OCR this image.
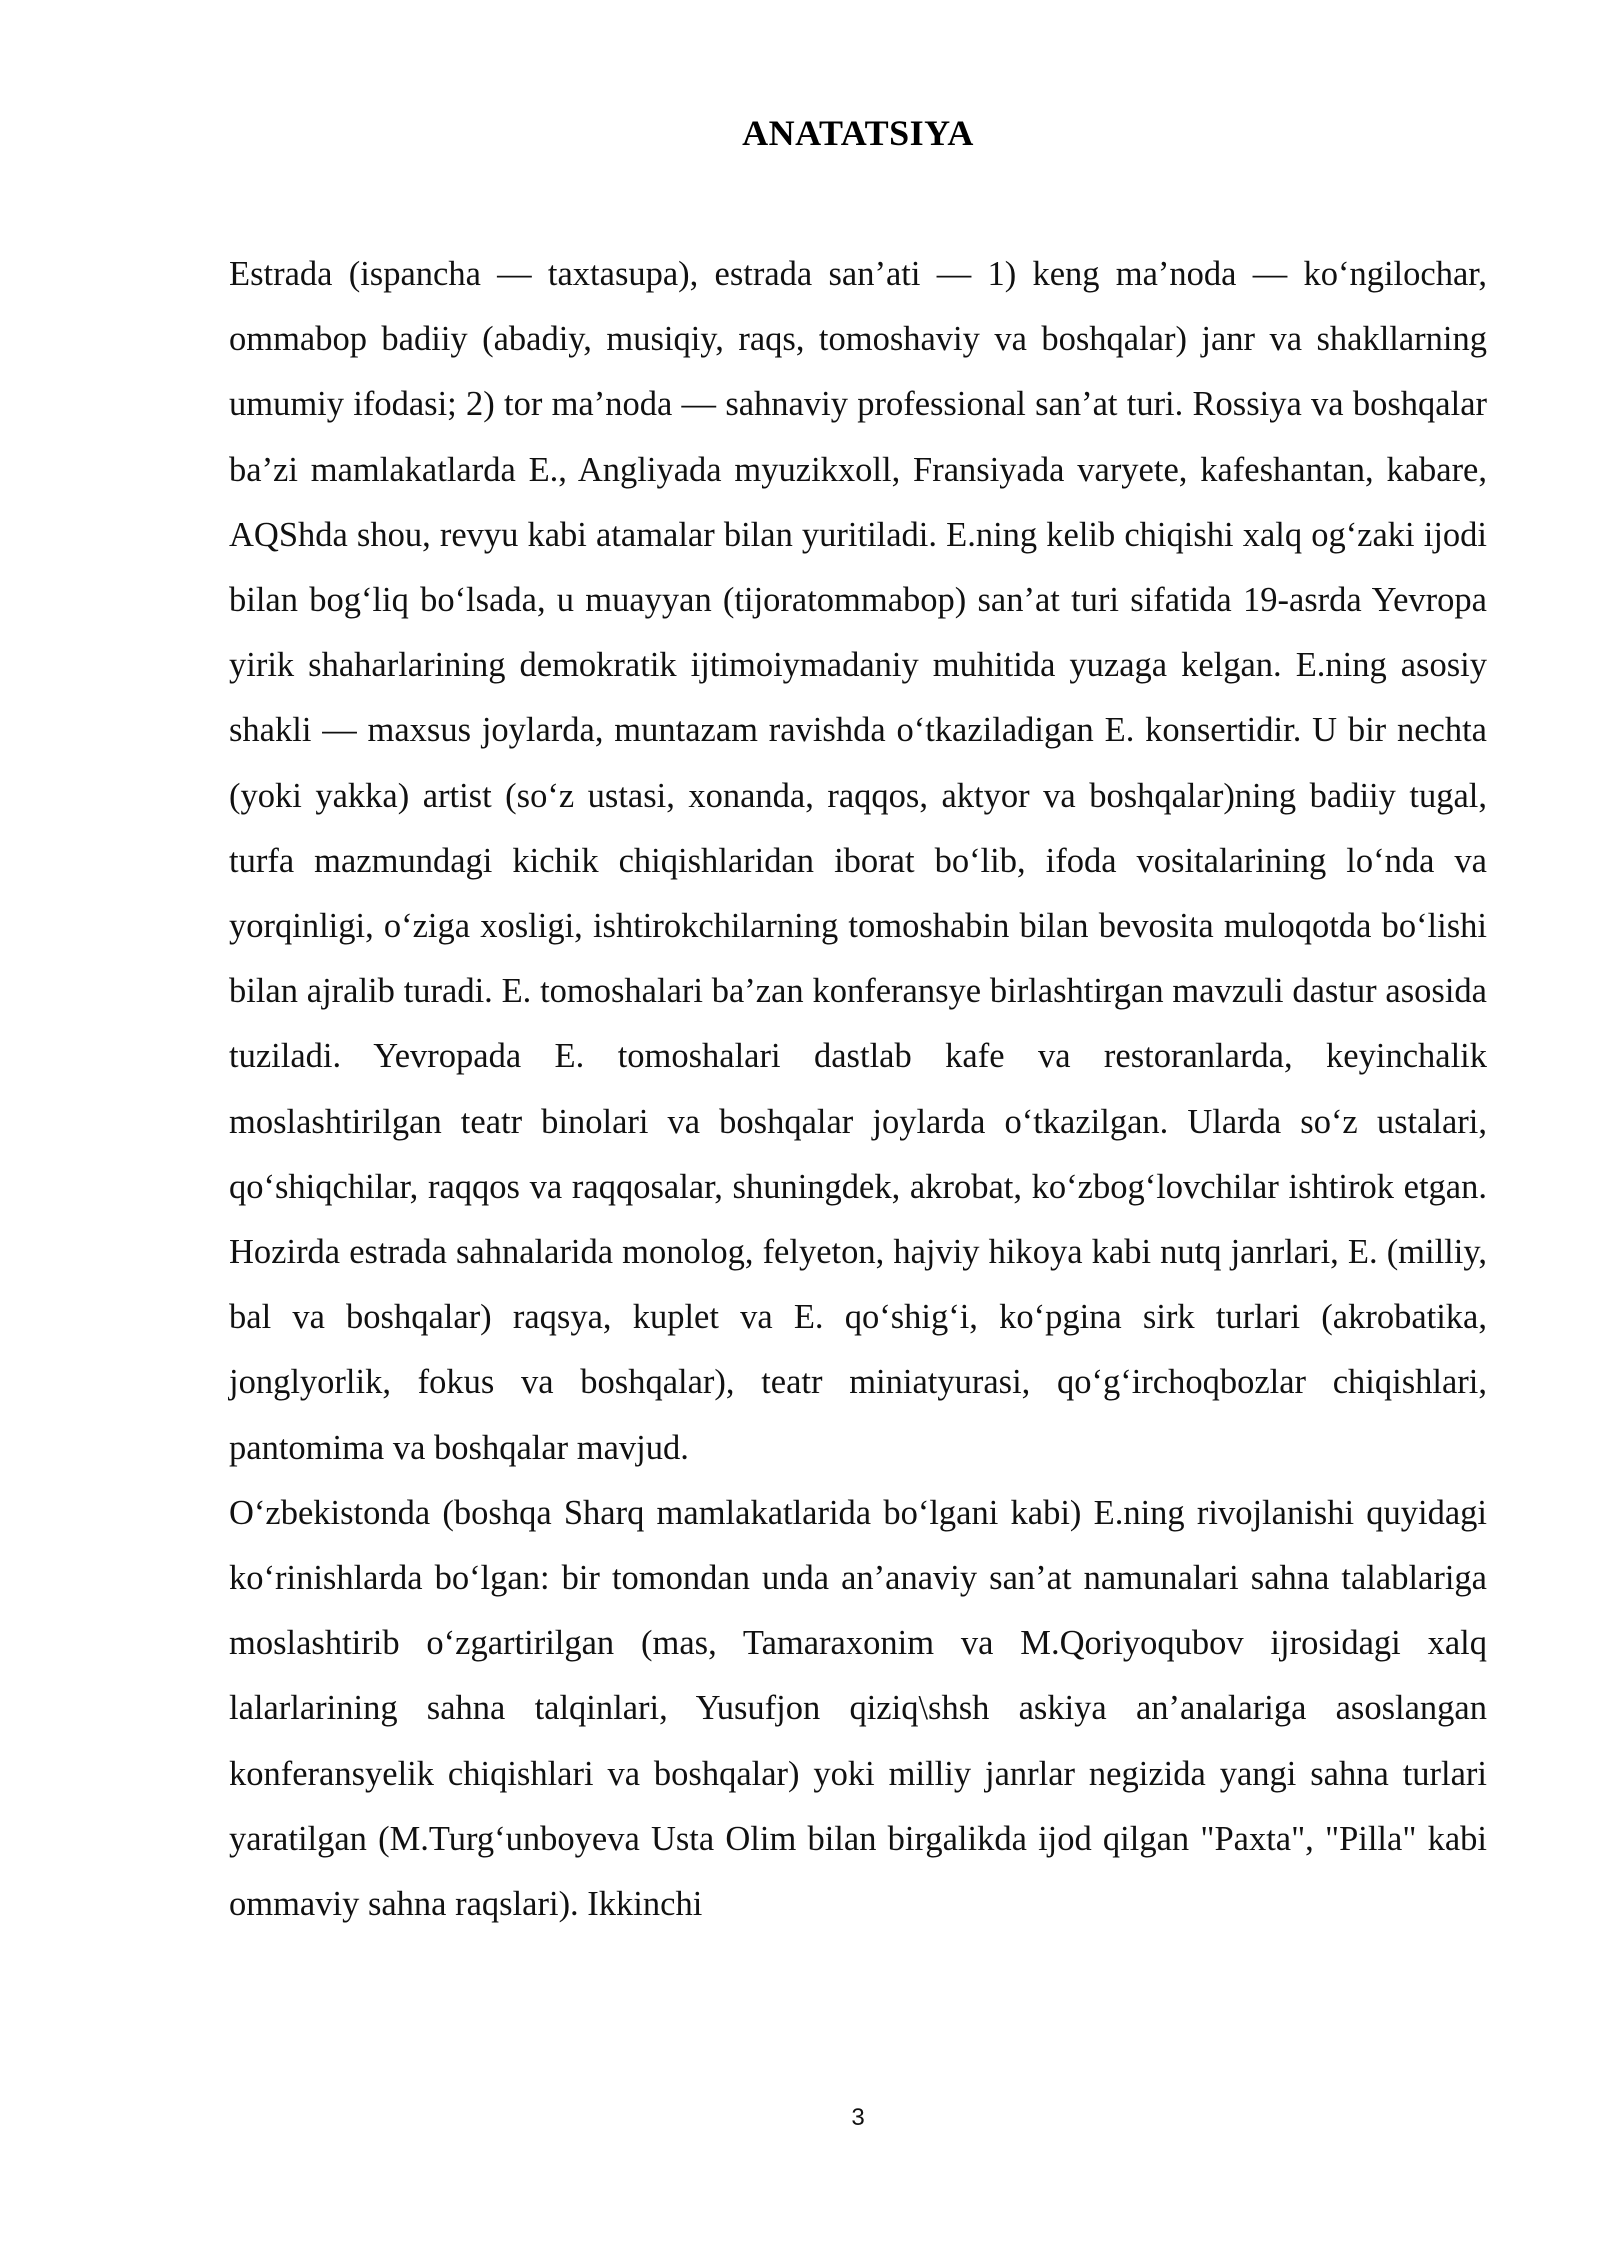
ANATATSIYA

Estrada (ispancha — taxtasupa), estrada san’ati — 1) keng ma’noda — ko‘ngilochar, ommabop badiiy (abadiy, musiqiy, raqs, tomoshaviy va boshqalar) janr va shakllarning umumiy ifodasi; 2) tor ma’noda — sahnaviy professional san’at turi. Rossiya va boshqalar ba’zi mamlakatlarda E., Angliyada myuzikxoll, Fransiyada varyete, kafeshantan, kabare, AQShda shou, revyu kabi atamalar bilan yuritiladi. E.ning kelib chiqishi xalq og‘zaki ijodi bilan bog‘liq bo‘lsada, u muayyan (tijoratommabop) san’at turi sifatida 19-asrda Yevropa yirik shaharlarining demokratik ijtimoiymadaniy muhitida yuzaga kelgan. E.ning asosiy shakli — maxsus joylarda, muntazam ravishda o‘tkaziladigan E. konsertidir. U bir nechta (yoki yakka) artist (so‘z ustasi, xonanda, raqqos, aktyor va boshqalar)ning badiiy tugal, turfa mazmundagi kichik chiqishlaridan iborat bo‘lib, ifoda vositalarining lo‘nda va yorqinligi, o‘ziga xosligi, ishtirokchilarning tomoshabin bilan bevosita muloqotda bo‘lishi bilan ajralib turadi. E. tomoshalari ba’zan konferansye birlashtirgan mavzuli dastur asosida tuziladi. Yevropada E. tomoshalari dastlab kafe va restoranlarda, keyinchalik moslashtirilgan teatr binolari va boshqalar joylarda o‘tkazilgan. Ularda so‘z ustalari, qo‘shiqchilar, raqqos va raqqosalar, shuningdek, akrobat, ko‘zbog‘lovchilar ishtirok etgan. Hozirda estrada sahnalarida monolog, felyeton, hajviy hikoya kabi nutq janrlari, E. (milliy, bal va boshqalar) raqsya, kuplet va E. qo‘shig‘i, ko‘pgina sirk turlari (akrobatika, jonglyorlik, fokus va boshqalar), teatr miniatyurasi, qo‘g‘irchoqbozlar chiqishlari, pantomima va boshqalar mavjud.

O‘zbekistonda (boshqa Sharq mamlakatlarida bo‘lgani kabi) E.ning rivojlanishi quyidagi ko‘rinishlarda bo‘lgan: bir tomondan unda an’anaviy san’at namunalari sahna talablariga moslashtirib o‘zgartirilgan (mas, Tamaraxonim va M.Qoriyoqubov ijrosidagi xalq lalarlarining sahna talqinlari, Yusufjon qiziq\shsh askiya an’analariga asoslangan konferansyelik chiqishlari va boshqalar) yoki milliy janrlar negizida yangi sahna turlari yaratilgan (M.Turg‘unboyeva Usta Olim bilan birgalikda ijod qilgan "Paxta", "Pilla" kabi ommaviy sahna raqslari). Ikkinchi

3
